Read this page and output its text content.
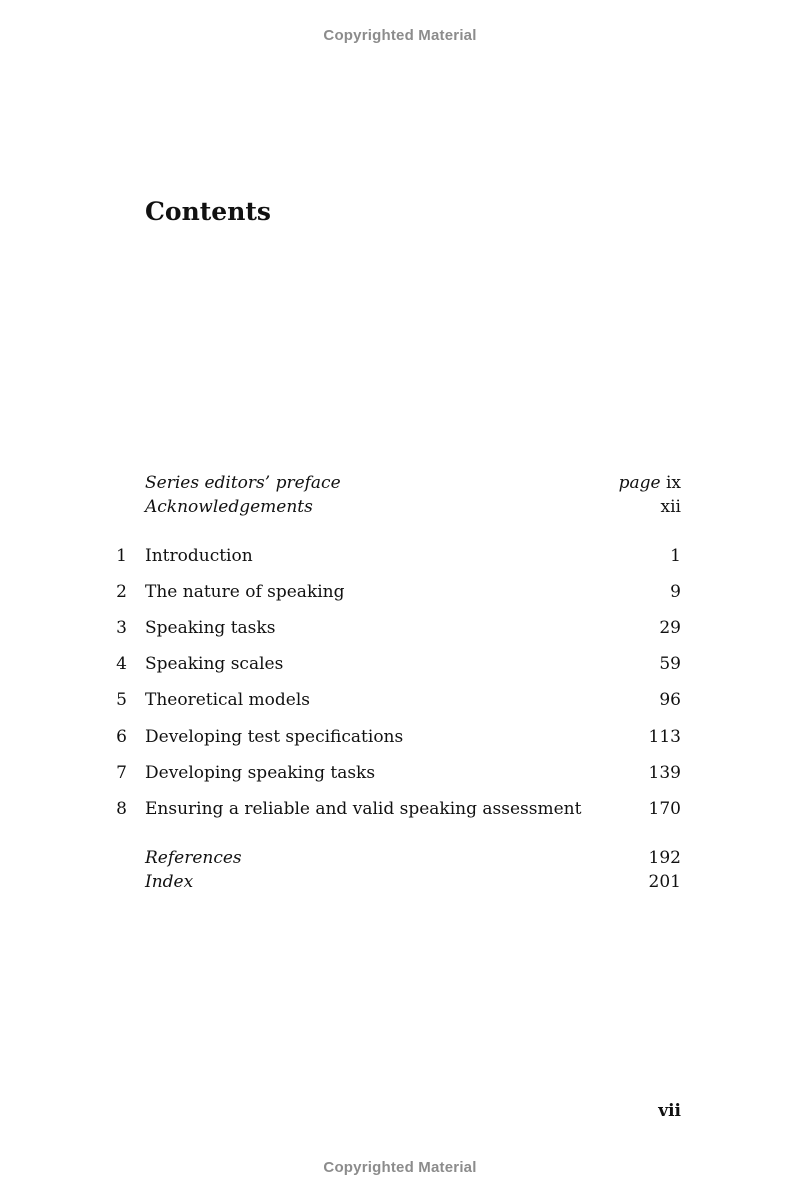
Copyrighted Material
Contents
Series editors’ preface	page ix
Acknowledgements	xii
1 Introduction	1
2 The nature of speaking	9
3 Speaking tasks	29
4 Speaking scales	59
5 Theoretical models	96
6 Developing test specifications	113
7 Developing speaking tasks	139
8 Ensuring a reliable and valid speaking assessment	170
References	192
Index	201
vii
Copyrighted Material
